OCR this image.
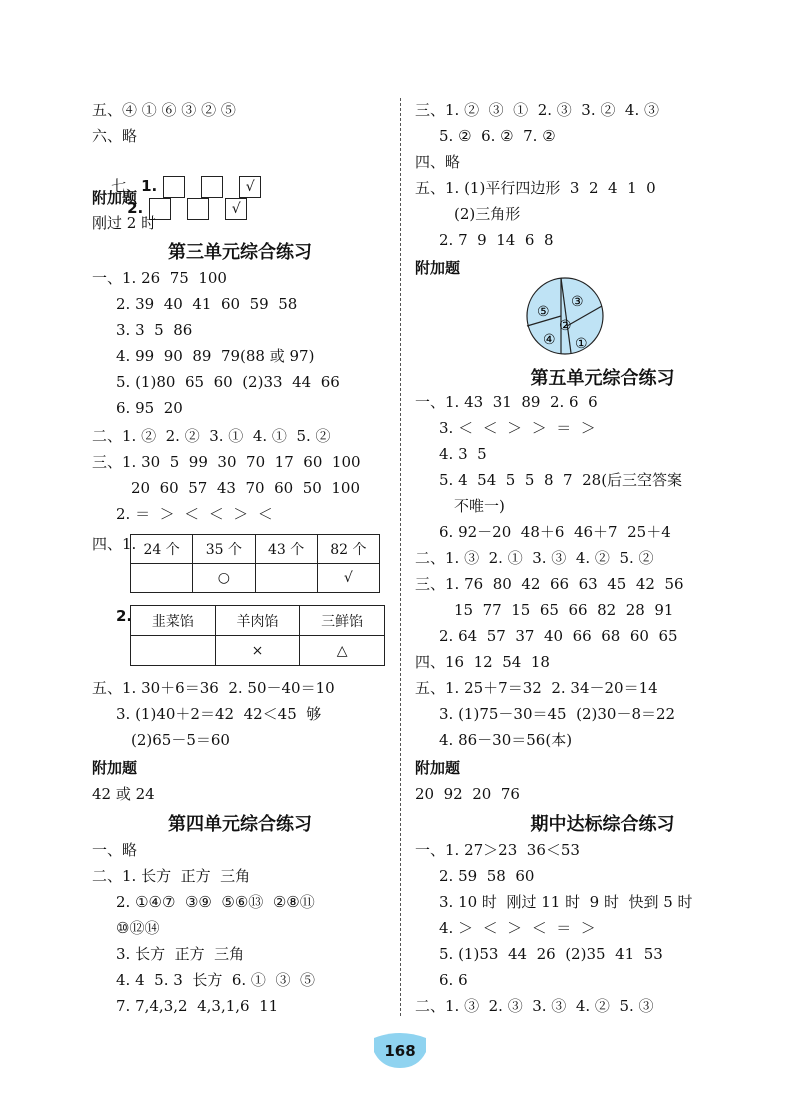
五、④ ① ⑥ ③ ② ⑤
六、略

七、1.	√
2.	√

附加题
刚过 2 时
第三单元综合练习
一、1. 26  75  100
2. 39  40  41  60  59  58
3. 3  5  86
4. 99  90  89  79(88 或 97)
5. (1)80  65  60  (2)33  44  66
6. 95  20
二、1. ②  2. ②  3. ①  4. ①  5. ②
三、1. 30  5  99  30  70  17  60  100
20  60  57  43  70  60  50  100
2. ＝  ＞  ＜  ＜  ＞  ＜
四、1. 24 个	35 个	43 个	82 个
	○		√
2. 韭菜馅	羊肉馅	三鲜馅
	×	△
五、1. 30＋6＝36  2. 50－40＝10
3. (1)40＋2＝42  42＜45  够
(2)65－5＝60
附加题
42 或 24
第四单元综合练习
一、略
二、1. 长方  正方  三角
2. ①④⑦  ③⑨  ⑤⑥⑬  ②⑧⑪
⑩⑫⑭
3. 长方  正方  三角
4. 4  5. 3  长方  6. ①  ③  ⑤
7. 7,4,3,2  4,3,1,6  11
三、1. ②  ③  ①  2. ③  3. ②  4. ③
5. ②  6. ②  7. ②
四、略
五、1. (1)平行四边形  3  2  4  1  0
(2)三角形
2. 7  9  14  6  8
附加题
⑤
③
②
④ ①
第五单元综合练习
一、1. 43  31  89  2. 6  6
3. ＜  ＜  ＞  ＞  ＝  ＞
4. 3  5
5. 4  54  5  5  8  7  28(后三空答案
不唯一)
6. 92－20  48＋6  46＋7  25＋4
二、1. ③  2. ①  3. ③  4. ②  5. ②
三、1. 76  80  42  66  63  45  42  56
15  77  15  65  66  82  28  91
2. 64  57  37  40  66  68  60  65
四、16  12  54  18
五、1. 25＋7＝32  2. 34－20＝14
3. (1)75－30＝45  (2)30－8＝22
4. 86－30＝56(本)
附加题
20  92  20  76
期中达标综合练习
一、1. 27＞23  36＜53
2. 59  58  60
3. 10 时  刚过 11 时  9 时  快到 5 时
4. ＞  ＜  ＞  ＜  ＝  ＞
5. (1)53  44  26  (2)35  41  53
6. 6
二、1. ③  2. ③  3. ③  4. ②  5. ③
168
